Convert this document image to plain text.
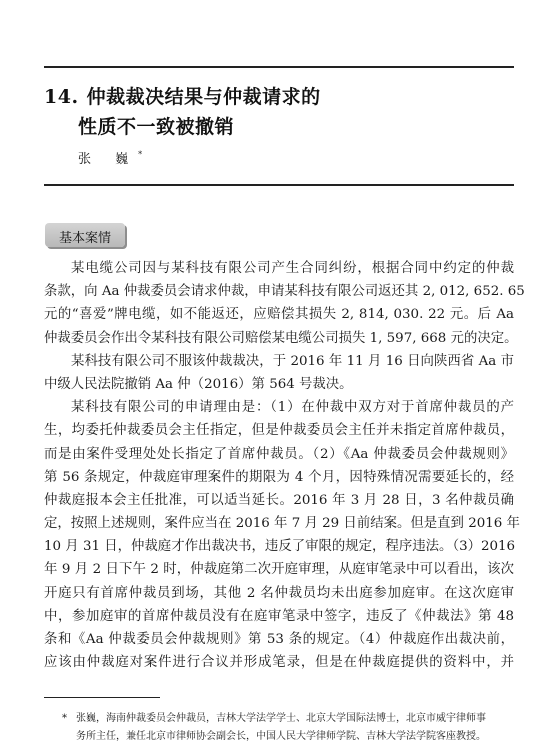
14. 仲裁裁决结果与仲裁请求的
性质不一致被撤销
张 巍*
基本案情
某电缆公司因与某科技有限公司产生合同纠纷，根据合同中约定的仲裁
条款，向 Aa 仲裁委员会请求仲裁，申请某科技有限公司返还其 2, 012, 652. 65
元的“喜爱”牌电缆，如不能返还，应赔偿其损失 2, 814, 030. 22 元。后 Aa
仲裁委员会作出令某科技有限公司赔偿某电缆公司损失 1, 597, 668 元的决定。
某科技有限公司不服该仲裁裁决，于 2016 年 11 月 16 日向陕西省 Aa 市
中级人民法院撤销 Aa 仲（2016）第 564 号裁决。
某科技有限公司的申请理由是：（1）在仲裁中双方对于首席仲裁员的产
生，均委托仲裁委员会主任指定，但是仲裁委员会主任并未指定首席仲裁员，
而是由案件受理处处长指定了首席仲裁员。（2）《Aa 仲裁委员会仲裁规则》
第 56 条规定，仲裁庭审理案件的期限为 4 个月，因特殊情况需要延长的，经
仲裁庭报本会主任批准，可以适当延长。2016 年 3 月 28 日，3 名仲裁员确
定，按照上述规则，案件应当在 2016 年 7 月 29 日前结案。但是直到 2016 年
10 月 31 日，仲裁庭才作出裁决书，违反了审限的规定，程序违法。（3）2016
年 9 月 2 日下午 2 时，仲裁庭第二次开庭审理，从庭审笔录中可以看出，该次
开庭只有首席仲裁员到场，其他 2 名仲裁员均未出庭参加庭审。在这次庭审
中，参加庭审的首席仲裁员没有在庭审笔录中签字，违反了《仲裁法》第 48
条和《Aa 仲裁委员会仲裁规则》第 53 条的规定。（4）仲裁庭作出裁决前，
应该由仲裁庭对案件进行合议并形成笔录，但是在仲裁庭提供的资料中，并
* 张巍，海南仲裁委员会仲裁员，吉林大学法学学士、北京大学国际法博士，北京市威宇律师事
务所主任，兼任北京市律师协会副会长，中国人民大学律师学院、吉林大学法学院客座教授。
